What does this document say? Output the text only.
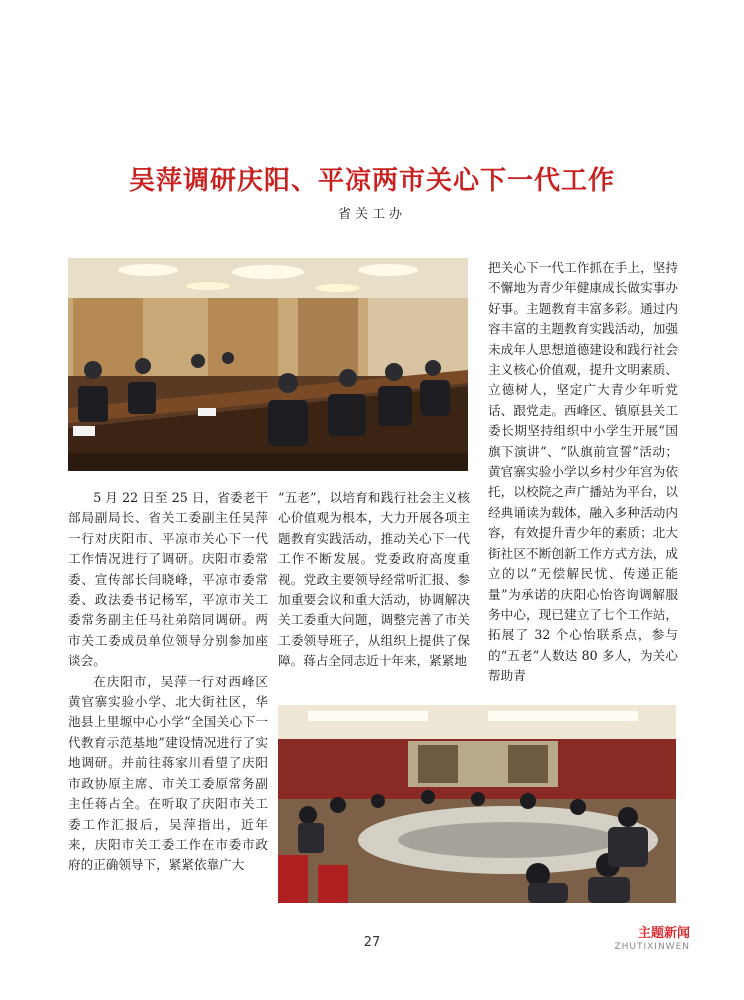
吴萍调研庆阳、平凉两市关心下一代工作
省关工办

5 月 22 日至 25 日，省委老干部局副局长、省关工委副主任吴萍一行对庆阳市、平凉市关心下一代工作情况进行了调研。庆阳市委常委、宣传部长闫晓峰，平凉市委常委、政法委书记杨军，平凉市关工委常务副主任马社弟陪同调研。两市关工委成员单位领导分别参加座谈会。

在庆阳市，吴萍一行对西峰区黄官寨实验小学、北大街社区，华池县上里塬中心小学“全国关心下一代教育示范基地”建设情况进行了实地调研。并前往蒋家川看望了庆阳市政协原主席、市关工委原常务副主任蒋占全。在听取了庆阳市关工委工作汇报后，吴萍指出，近年来，庆阳市关工委工作在市委市政府的正确领导下，紧紧依靠广大

“五老”，以培育和践行社会主义核心价值观为根本，大力开展各项主题教育实践活动，推动关心下一代工作不断发展。党委政府高度重视。党政主要领导经常听汇报、参加重要会议和重大活动，协调解决关工委重大问题，调整完善了市关工委领导班子，从组织上提供了保障。蒋占全同志近十年来，紧紧地

把关心下一代工作抓在手上，坚持不懈地为青少年健康成长做实事办好事。主题教育丰富多彩。通过内容丰富的主题教育实践活动，加强未成年人思想道德建设和践行社会主义核心价值观，提升文明素质、立德树人，坚定广大青少年听党话、跟党走。西峰区、镇原县关工委长期坚持组织中小学生开展“国旗下演讲”、“队旗前宣誓”活动；黄官寨实验小学以乡村少年宫为依托，以校院之声广播站为平台，以经典诵读为载体，融入多种活动内容，有效提升青少年的素质；北大街社区不断创新工作方式方法，成立的以“无偿解民忧、传递正能量”为承诺的庆阳心怡咨询调解服务中心，现已建立了七个工作站，拓展了 32 个心怡联系点，参与的“五老”人数达 80 多人，为关心帮助青

27
主题新闻
ZHUTIXINWEN
